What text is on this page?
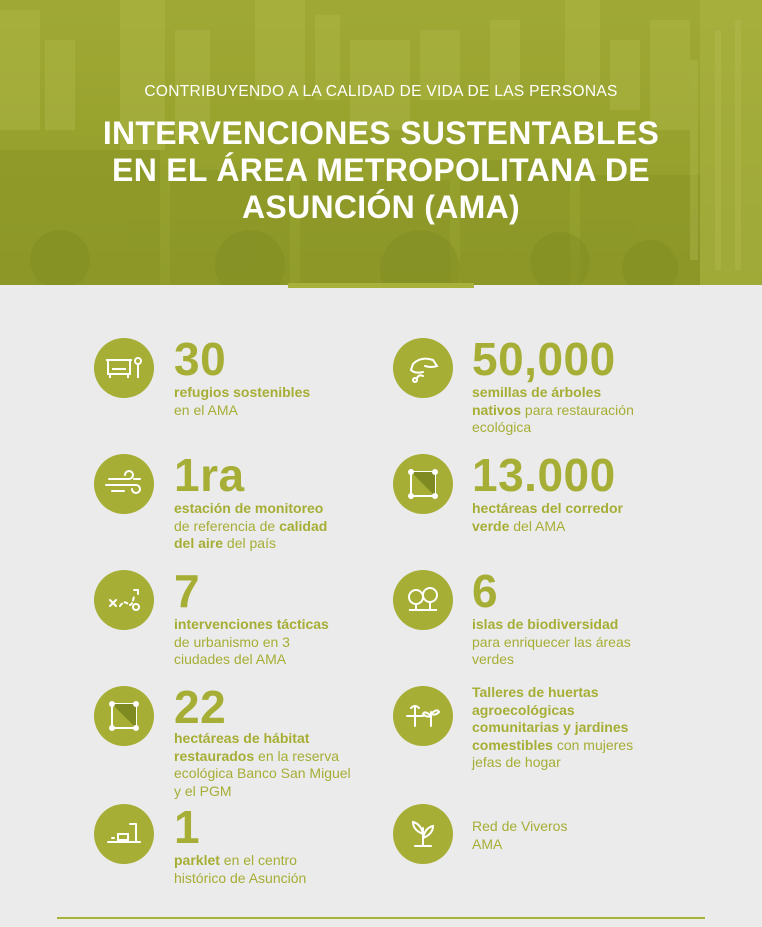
CONTRIBUYENDO A LA CALIDAD DE VIDA DE LAS PERSONAS
INTERVENCIONES SUSTENTABLES
EN EL ÁREA METROPOLITANA DE
ASUNCIÓN (AMA)
30
refugios sostenibles
en el AMA
1ra
estación de monitoreo
de referencia de calidad
del aire del país
7
intervenciones tácticas
de urbanismo en 3
ciudades del AMA
22
hectáreas de hábitat
restaurados en la reserva
ecológica Banco San Miguel
y el PGM
1
parklet en el centro
histórico de Asunción
50,000
semillas de árboles
nativos para restauración
ecológica
13.000
hectáreas del corredor
verde del AMA
6
islas de biodiversidad
para enriquecer las áreas
verdes
Talleres de huertas
agroecológicas
comunitarias y jardines
comestibles con mujeres
jefas de hogar
Red de Viveros
AMA
